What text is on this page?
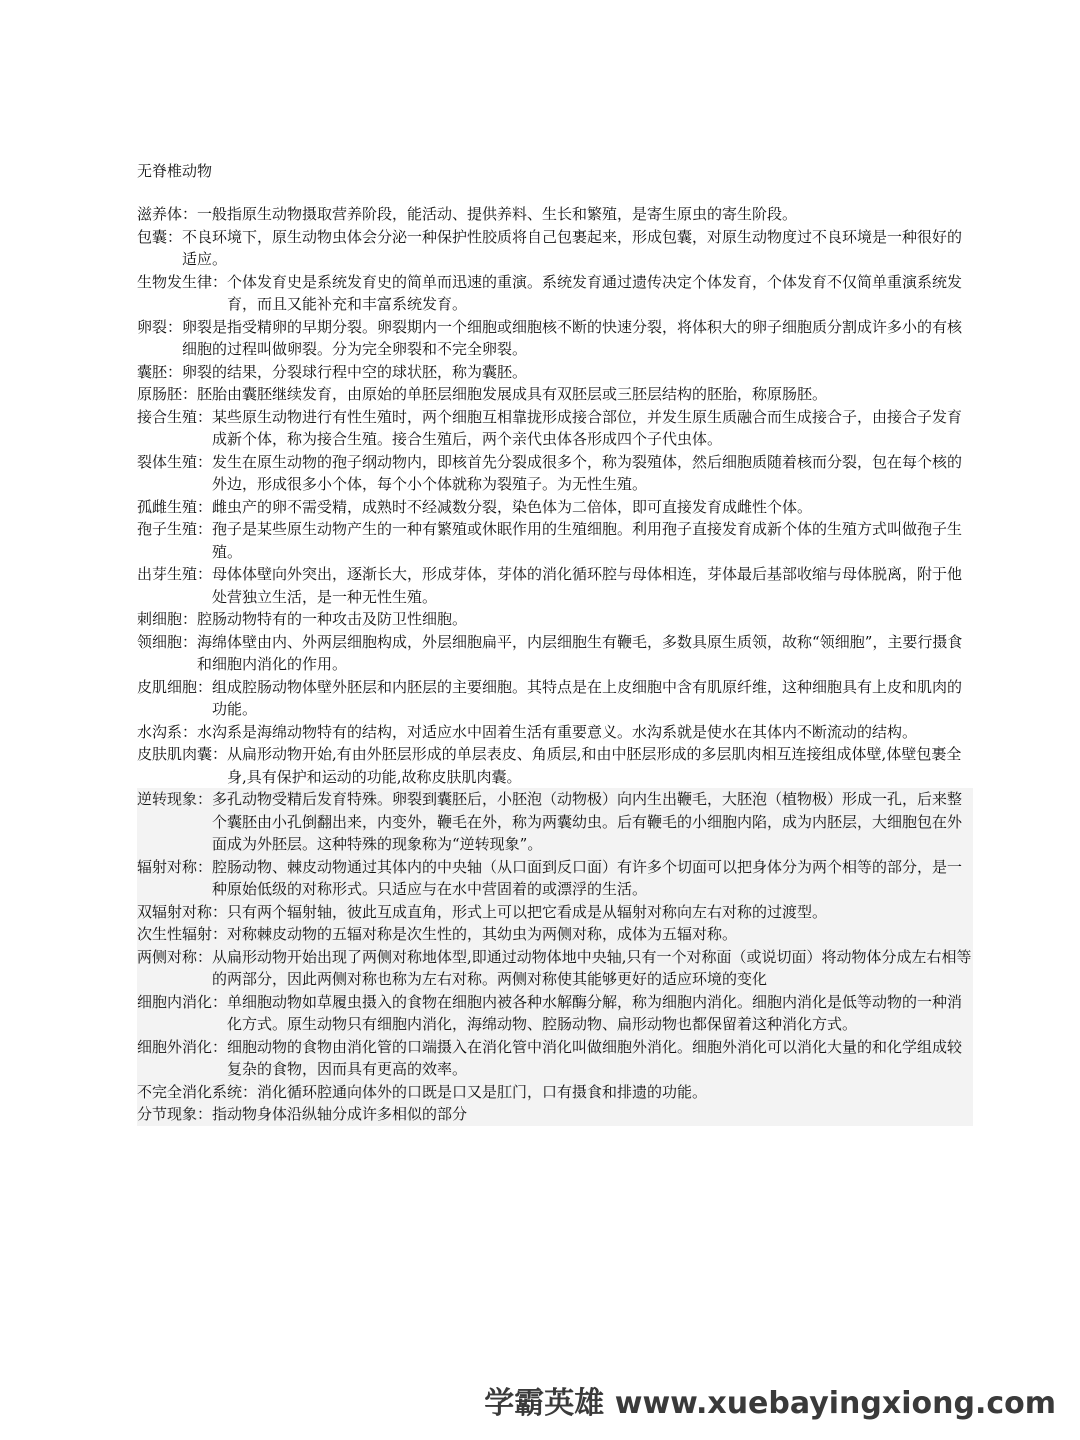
无脊椎动物
滋养体： 一般指原生动物摄取营养阶段，能活动、提供养料、生长和繁殖，是寄生原虫的寄生阶段。
包囊： 不良环境下，原生动物虫体会分泌一种保护性胶质将自己包裹起来，形成包囊，对原生动物度过不良环境是一种很好的适应。
生物发生律： 个体发育史是系统发育史的简单而迅速的重演。系统发育通过遗传决定个体发育，个体发育不仅简单重演系统发育，而且又能补充和丰富系统发育。
卵裂： 卵裂是指受精卵的早期分裂。卵裂期内一个细胞或细胞核不断的快速分裂，将体积大的卵子细胞质分割成许多小的有核细胞的过程叫做卵裂。分为完全卵裂和不完全卵裂。
囊胚： 卵裂的结果，分裂球行程中空的球状胚，称为囊胚。
原肠胚： 胚胎由囊胚继续发育，由原始的单胚层细胞发展成具有双胚层或三胚层结构的胚胎，称原肠胚。
接合生殖： 某些原生动物进行有性生殖时，两个细胞互相靠拢形成接合部位，并发生原生质融合而生成接合子，由接合子发育成新个体，称为接合生殖。接合生殖后，两个亲代虫体各形成四个子代虫体。
裂体生殖： 发生在原生动物的孢子纲动物内，即核首先分裂成很多个，称为裂殖体，然后细胞质随着核而分裂，包在每个核的外边，形成很多小个体，每个小个体就称为裂殖子。为无性生殖。
孤雌生殖： 雌虫产的卵不需受精，成熟时不经减数分裂，染色体为二倍体，即可直接发育成雌性个体。
孢子生殖： 孢子是某些原生动物产生的一种有繁殖或休眠作用的生殖细胞。利用孢子直接发育成新个体的生殖方式叫做孢子生殖。
出芽生殖： 母体体壁向外突出，逐渐长大，形成芽体，芽体的消化循环腔与母体相连，芽体最后基部收缩与母体脱离，附于他处营独立生活，是一种无性生殖。
刺细胞： 腔肠动物特有的一种攻击及防卫性细胞。
领细胞： 海绵体壁由内、外两层细胞构成，外层细胞扁平，内层细胞生有鞭毛，多数具原生质领，故称“领细胞”，主要行摄食和细胞内消化的作用。
皮肌细胞： 组成腔肠动物体壁外胚层和内胚层的主要细胞。其特点是在上皮细胞中含有肌原纤维，这种细胞具有上皮和肌肉的功能。
水沟系： 水沟系是海绵动物特有的结构，对适应水中固着生活有重要意义。水沟系就是使水在其体内不断流动的结构。
皮肤肌肉囊： 从扁形动物开始,有由外胚层形成的单层表皮、角质层,和由中胚层形成的多层肌肉相互连接组成体壁,体壁包裹全身,具有保护和运动的功能,故称皮肤肌肉囊。
逆转现象： 多孔动物受精后发育特殊。卵裂到囊胚后，小胚泡（动物极）向内生出鞭毛，大胚泡（植物极）形成一孔，后来整个囊胚由小孔倒翻出来，内变外，鞭毛在外，称为两囊幼虫。后有鞭毛的小细胞内陷，成为内胚层，大细胞包在外面成为外胚层。这种特殊的现象称为“逆转现象”。
辐射对称： 腔肠动物、棘皮动物通过其体内的中央轴（从口面到反口面）有许多个切面可以把身体分为两个相等的部分，是一种原始低级的对称形式。只适应与在水中营固着的或漂浮的生活。
双辐射对称： 只有两个辐射轴，彼此互成直角，形式上可以把它看成是从辐射对称向左右对称的过渡型。
次生性辐射： 对称棘皮动物的五辐对称是次生性的，其幼虫为两侧对称，成体为五辐对称。
两侧对称： 从扁形动物开始出现了两侧对称地体型,即通过动物体地中央轴,只有一个对称面（或说切面）将动物体分成左右相等的两部分，因此两侧对称也称为左右对称。两侧对称使其能够更好的适应环境的变化
细胞内消化： 单细胞动物如草履虫摄入的食物在细胞内被各种水解酶分解，称为细胞内消化。细胞内消化是低等动物的一种消化方式。原生动物只有细胞内消化，海绵动物、腔肠动物、扁形动物也都保留着这种消化方式。
细胞外消化： 细胞动物的食物由消化管的口端摄入在消化管中消化叫做细胞外消化。细胞外消化可以消化大量的和化学组成较复杂的食物，因而具有更高的效率。
不完全消化系统： 消化循环腔通向体外的口既是口又是肛门，口有摄食和排遗的功能。
分节现象： 指动物身体沿纵轴分成许多相似的部分
学霸英雄 www.xuebayingxiong.com
